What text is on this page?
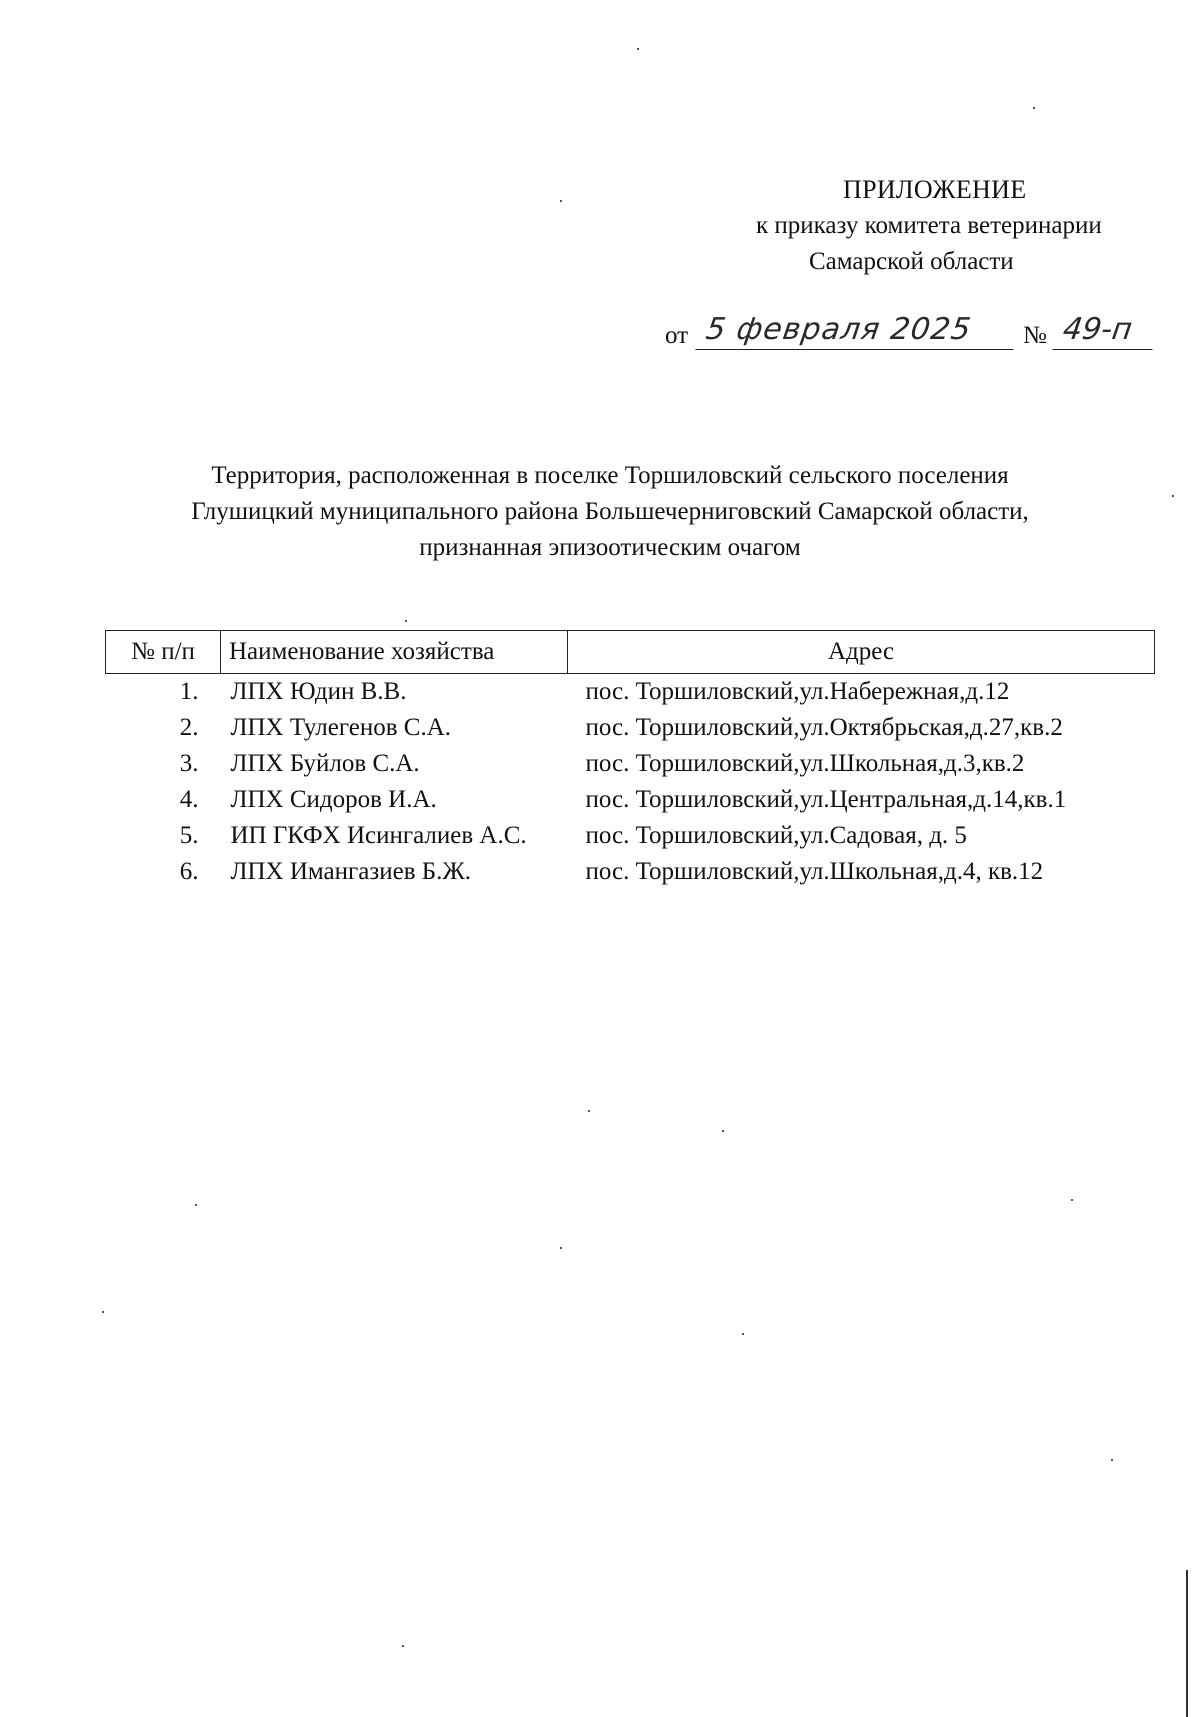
ПРИЛОЖЕНИЕ
к приказу комитета ветеринарии
Самарской области
от 5 февраля 2025	№ 49-п
Территория, расположенная в поселке Торшиловский сельского поселения
Глушицкий муниципального района Большечерниговский Самарской области,
признанная эпизоотическим очагом
№ п/п	Наименование хозяйства	Адрес
1.	ЛПХ Юдин В.В.	пос. Торшиловский,ул.Набережная,д.12
2.	ЛПХ Тулегенов С.А.	пос. Торшиловский,ул.Октябрьская,д.27,кв.2
3.	ЛПХ Буйлов С.А.	пос. Торшиловский,ул.Школьная,д.3,кв.2
4.	ЛПХ Сидоров И.А.	пос. Торшиловский,ул.Центральная,д.14,кв.1
5.	ИП ГКФХ Исингалиев А.С.	пос. Торшиловский,ул.Садовая, д. 5
6.	ЛПХ Имангазиев Б.Ж.	пос. Торшиловский,ул.Школьная,д.4, кв.12
